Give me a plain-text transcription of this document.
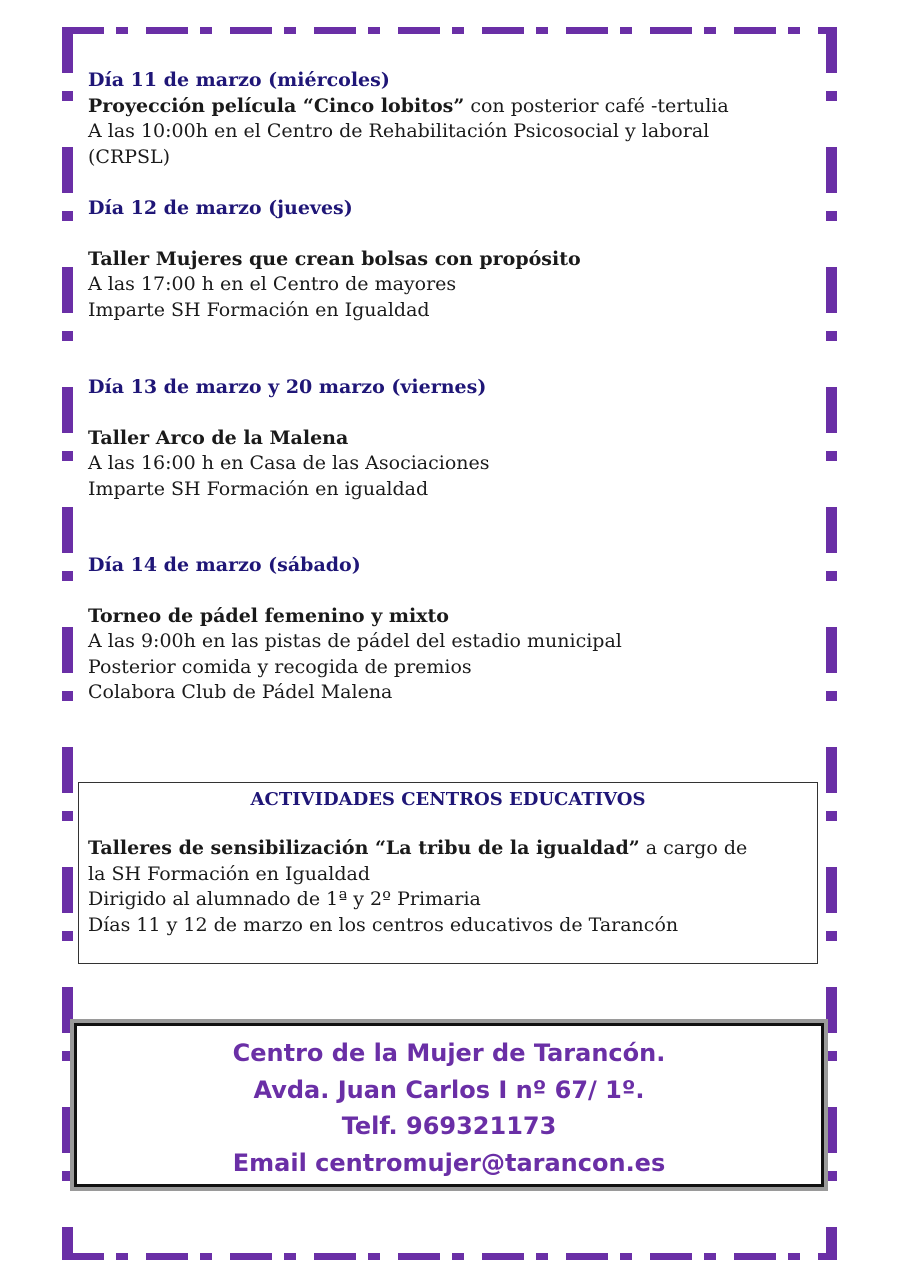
Día 11 de marzo (miércoles)
Proyección película “Cinco lobitos” con posterior café -tertulia
A las 10:00h en el Centro de Rehabilitación Psicosocial y laboral
(CRPSL)
Día 12 de marzo (jueves)
Taller Mujeres que crean bolsas con propósito
A las 17:00 h en el Centro de mayores
Imparte SH Formación en Igualdad
Día 13 de marzo y 20 marzo (viernes)
Taller Arco de la Malena
A las 16:00 h en Casa de las Asociaciones
Imparte SH Formación en igualdad
Día 14 de marzo (sábado)
Torneo de pádel femenino y mixto
A las 9:00h en las pistas de pádel del estadio municipal
Posterior comida y recogida de premios
Colabora Club de Pádel Malena
ACTIVIDADES CENTROS EDUCATIVOS
Talleres de sensibilización “La tribu de la igualdad” a cargo de
la SH Formación en Igualdad
Dirigido al alumnado de 1ª y 2º Primaria
Días 11 y 12 de marzo en los centros educativos de Tarancón
Centro de la Mujer de Tarancón.
Avda. Juan Carlos I nº 67/ 1º.
Telf. 969321173
Email centromujer@tarancon.es
